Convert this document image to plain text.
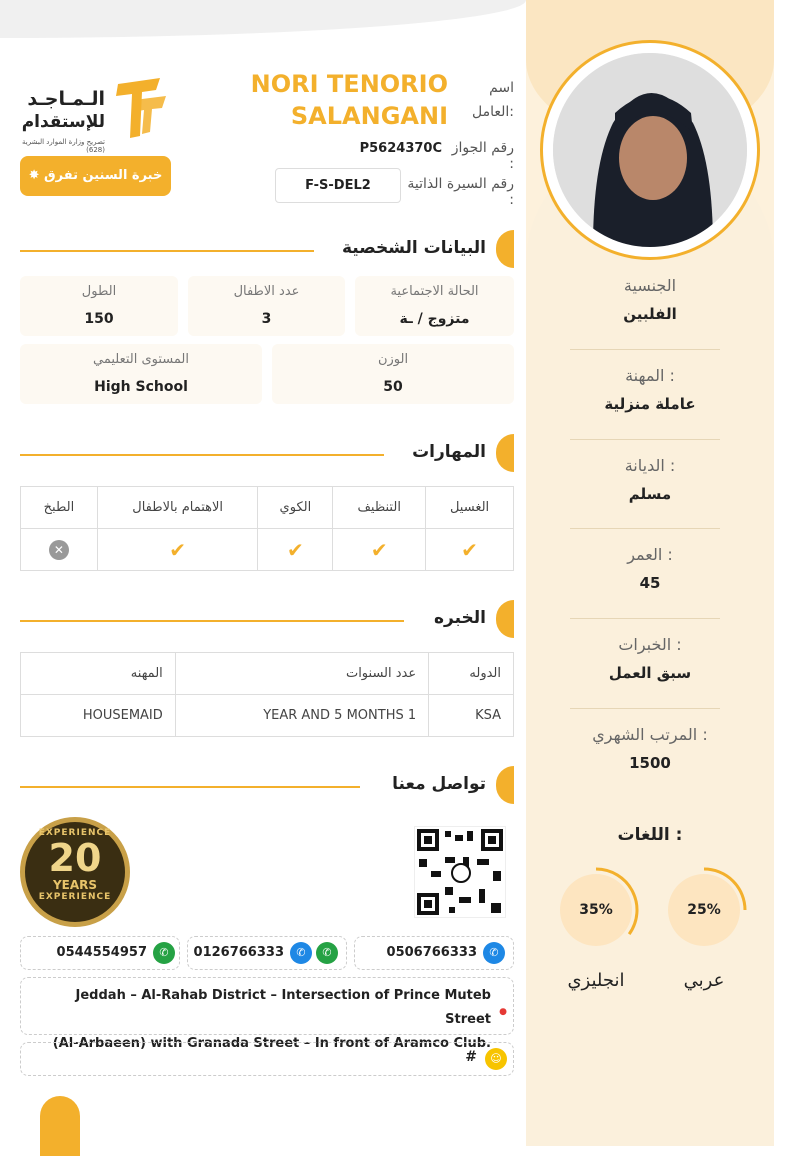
الـمـاجـد
للإستقدام
تصريح وزارة الموارد البشرية (628)
✸ خبرة السنين تفرق
اسم
العامل:
NORI TENORIO
SALANGANI
رقم الجواز :
P5624370C
رقم السيرة الذاتية :
F-S-DEL2
البيانات الشخصية
الحالة الاجتماعية
متزوج / ـة
عدد الاطفال
3
الطول
150
الوزن
50
المستوى التعليمي
High School
المهارات
الطبخ	الاهتمام بالاطفال	الكوي	التنظيف	الغسيل
✕	✔	✔	✔	✔
الخبره
المهنه	عدد السنوات	الدوله
HOUSEMAID	YEAR AND 5 MONTHS 1	KSA
تواصل معنا
EXPERIENCE
20
YEARS
EXPERIENCE
✆
0506766333
✆
✆
0126766333
✆
0544554957
●
Jeddah – Al-Rahab District – Intersection of Prince Muteb Street
(Al-Arbaeen) with Granada Street – In front of Aramco Club.
☺
#
الجنسية
الفلبين
المهنة :
عاملة منزلية
الديانة :
مسلم
العمر :
45
الخبرات :
سبق العمل
المرتب الشهري :
1500
اللغات :
25%
عربي
35%
انجليزي
